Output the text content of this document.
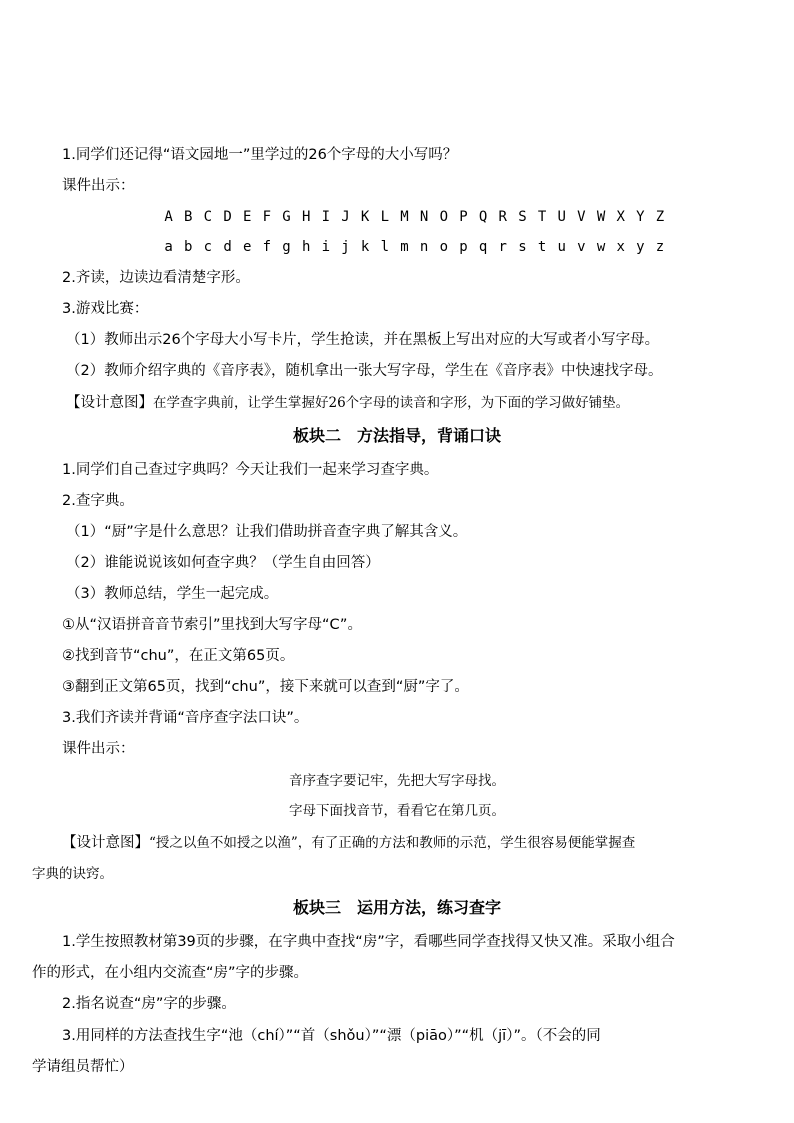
1.同学们还记得“语文园地一”里学过的26个字母的大小写吗？
课件出示：
A B C D E F G H I J K L M N O P Q R S T U V W X Y Z
a b c d e f g h i j k l m n o p q r s t u v w x y z
2.齐读，边读边看清楚字形。
3.游戏比赛：
（1）教师出示26个字母大小写卡片，学生抢读，并在黑板上写出对应的大写或者小写字母。
（2）教师介绍字典的《音序表》，随机拿出一张大写字母，学生在《音序表》中快速找字母。
【设计意图】在学查字典前，让学生掌握好26个字母的读音和字形，为下面的学习做好铺垫。
板块二　方法指导，背诵口诀
1.同学们自己查过字典吗？今天让我们一起来学习查字典。
2.查字典。
（1）“厨”字是什么意思？让我们借助拼音查字典了解其含义。
（2）谁能说说该如何查字典？（学生自由回答）
（3）教师总结，学生一起完成。
①从“汉语拼音音节索引”里找到大写字母“C”。
②找到音节“chu”，在正文第65页。
③翻到正文第65页，找到“chu”，接下来就可以查到“厨”字了。
3.我们齐读并背诵“音序查字法口诀”。
课件出示：
音序查字要记牢，先把大写字母找。
字母下面找音节，看看它在第几页。
【设计意图】“授之以鱼不如授之以渔”，有了正确的方法和教师的示范，学生很容易便能掌握查
字典的诀窍。
板块三　运用方法，练习查字
1.学生按照教材第39页的步骤，在字典中查找“房”字，看哪些同学查找得又快又准。采取小组合
作的形式，在小组内交流查“房”字的步骤。
2.指名说查“房”字的步骤。
3.用同样的方法查找生字“池（chí）”“首（shǒu）”“漂（piāo）”“机（jī）”。（不会的同
学请组员帮忙）
